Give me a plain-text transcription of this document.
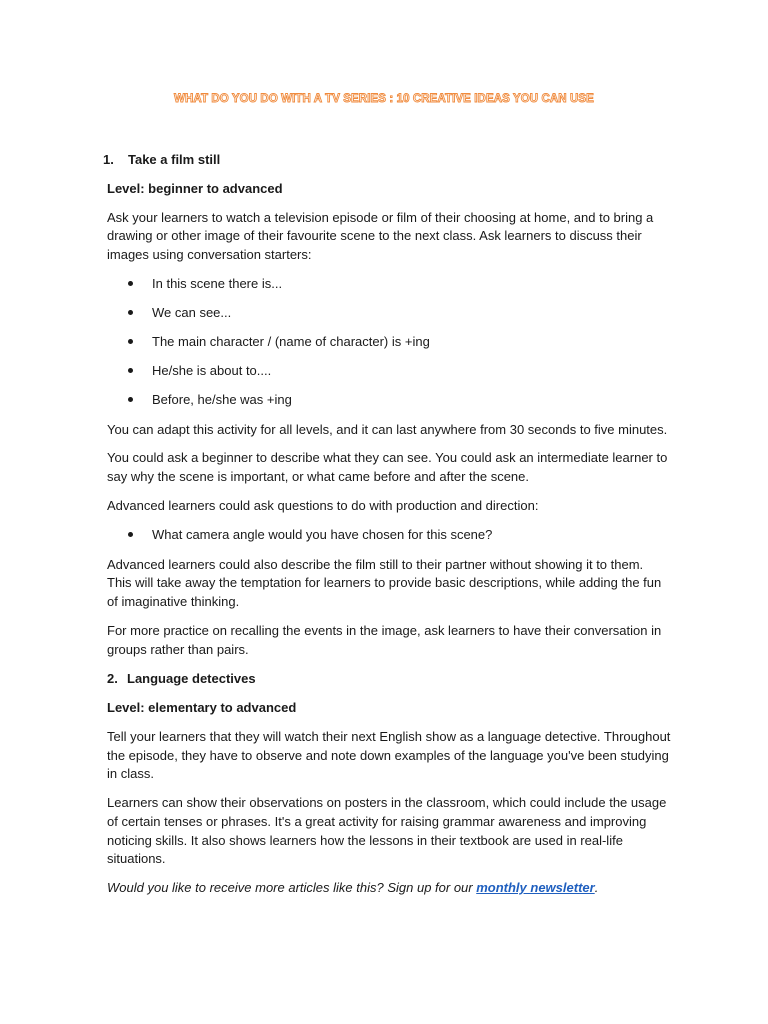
WHAT DO YOU DO WITH A TV SERIES : 10 CREATIVE IDEAS YOU CAN USE
1. Take a film still
Level: beginner to advanced
Ask your learners to watch a television episode or film of their choosing at home, and to bring a
drawing or other image of their favourite scene to the next class. Ask learners to discuss their
images using conversation starters:
In this scene there is...
We can see...
The main character / (name of character) is +ing
He/she is about to....
Before, he/she was +ing
You can adapt this activity for all levels, and it can last anywhere from 30 seconds to five minutes.
You could ask a beginner to describe what they can see. You could ask an intermediate learner to
say why the scene is important, or what came before and after the scene.
Advanced learners could ask questions to do with production and direction:
What camera angle would you have chosen for this scene?
Advanced learners could also describe the film still to their partner without showing it to them.
This will take away the temptation for learners to provide basic descriptions, while adding the fun
of imaginative thinking.
For more practice on recalling the events in the image, ask learners to have their conversation in
groups rather than pairs.
2. Language detectives
Level: elementary to advanced
Tell your learners that they will watch their next English show as a language detective. Throughout
the episode, they have to observe and note down examples of the language you've been studying
in class.
Learners can show their observations on posters in the classroom, which could include the usage
of certain tenses or phrases. It's a great activity for raising grammar awareness and improving
noticing skills. It also shows learners how the lessons in their textbook are used in real-life
situations.
Would you like to receive more articles like this? Sign up for our monthly newsletter.
